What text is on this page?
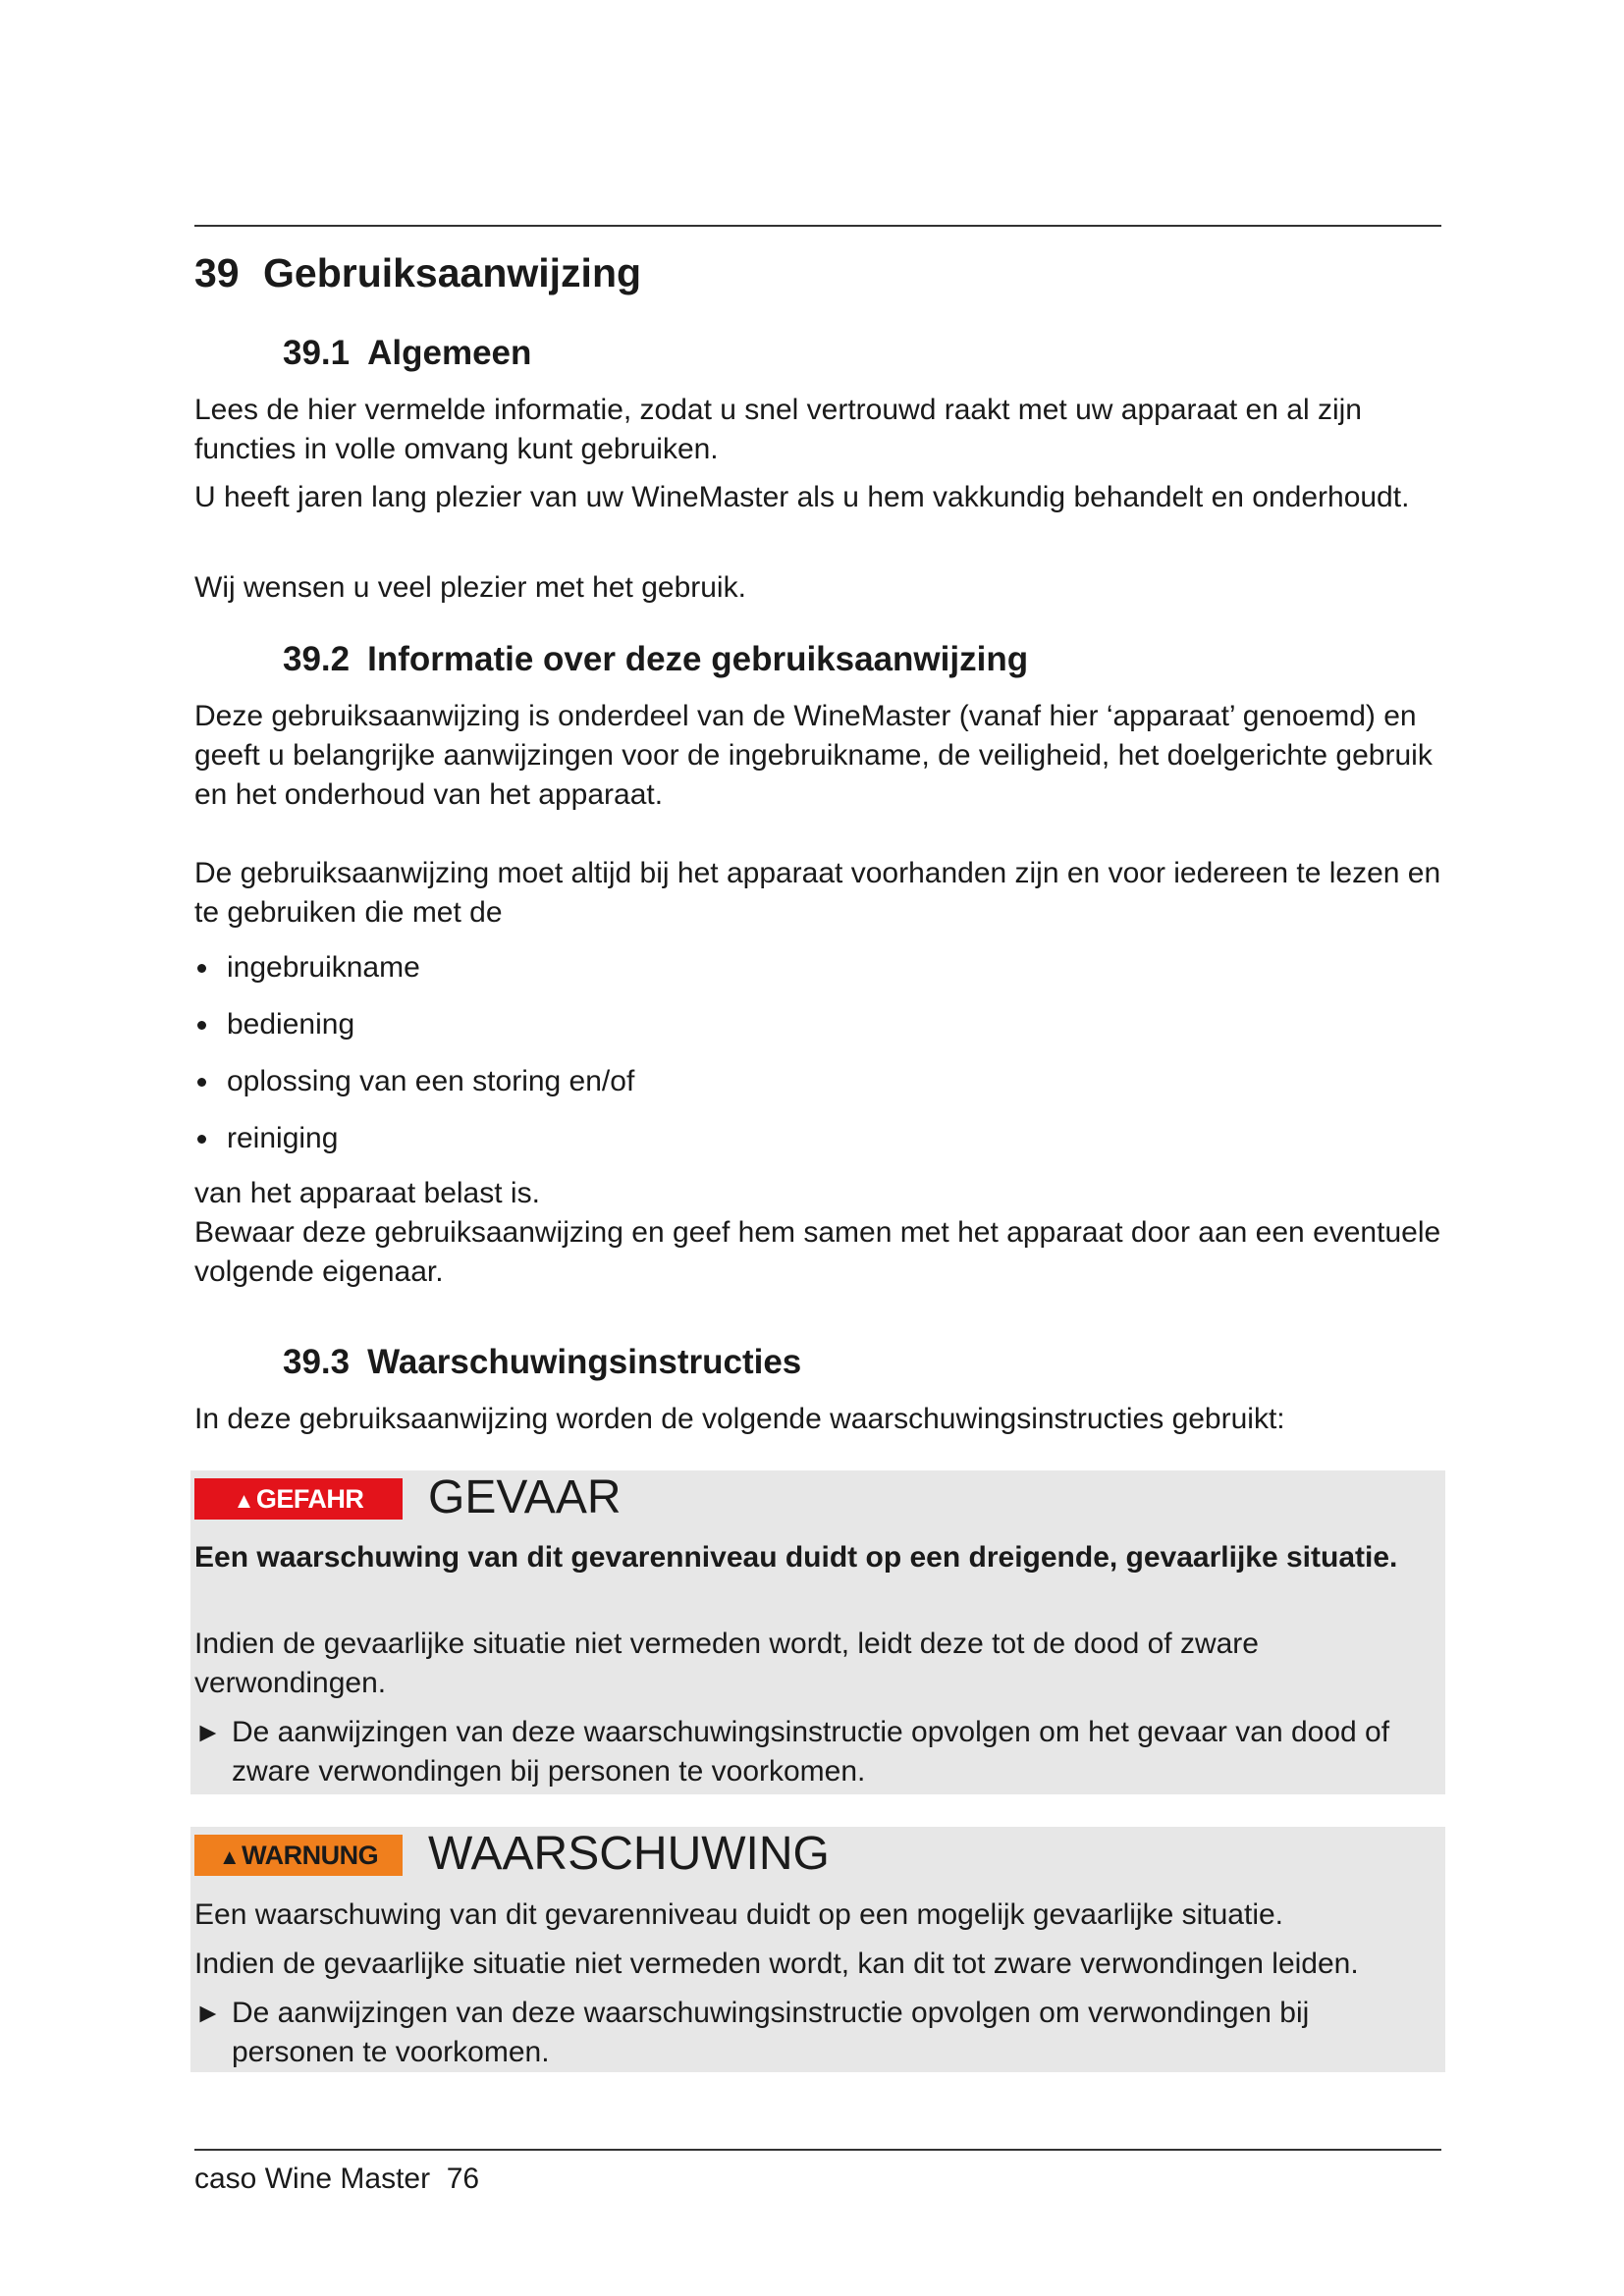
39 Gebruiksaanwijzing
39.1 Algemeen

Lees de hier vermelde informatie, zodat u snel vertrouwd raakt met uw apparaat en al zijn functies in volle omvang kunt gebruiken.

U heeft jaren lang plezier van uw WineMaster als u hem vakkundig behandelt en onderhoudt.

Wij wensen u veel plezier met het gebruik.

39.2 Informatie over deze gebruiksaanwijzing

Deze gebruiksaanwijzing is onderdeel van de WineMaster (vanaf hier ‘apparaat’ genoemd) en geeft u belangrijke aanwijzingen voor de ingebruikname, de veiligheid, het doelgerichte gebruik en het onderhoud van het apparaat.

De gebruiksaanwijzing moet altijd bij het apparaat voorhanden zijn en voor iedereen te lezen en te gebruiken die met de

ingebruikname
bediening
oplossing van een storing en/of
reiniging

van het apparaat belast is.

Bewaar deze gebruiksaanwijzing en geef hem samen met het apparaat door aan een eventuele volgende eigenaar.

39.3 Waarschuwingsinstructies

In deze gebruiksaanwijzing worden de volgende waarschuwingsinstructies gebruikt:

▲GEFAHR	GEVAAR

Een waarschuwing van dit gevarenniveau duidt op een dreigende, gevaarlijke situatie.

Indien de gevaarlijke situatie niet vermeden wordt, leidt deze tot de dood of zware verwondingen.

► De aanwijzingen van deze waarschuwingsinstructie opvolgen om het gevaar van dood of zware verwondingen bij personen te voorkomen.

▲WARNUNG	WAARSCHUWING

Een waarschuwing van dit gevarenniveau duidt op een mogelijk gevaarlijke situatie.

Indien de gevaarlijke situatie niet vermeden wordt, kan dit tot zware verwondingen leiden.

► De aanwijzingen van deze waarschuwingsinstructie opvolgen om verwondingen bij personen te voorkomen.

caso Wine Master 76
